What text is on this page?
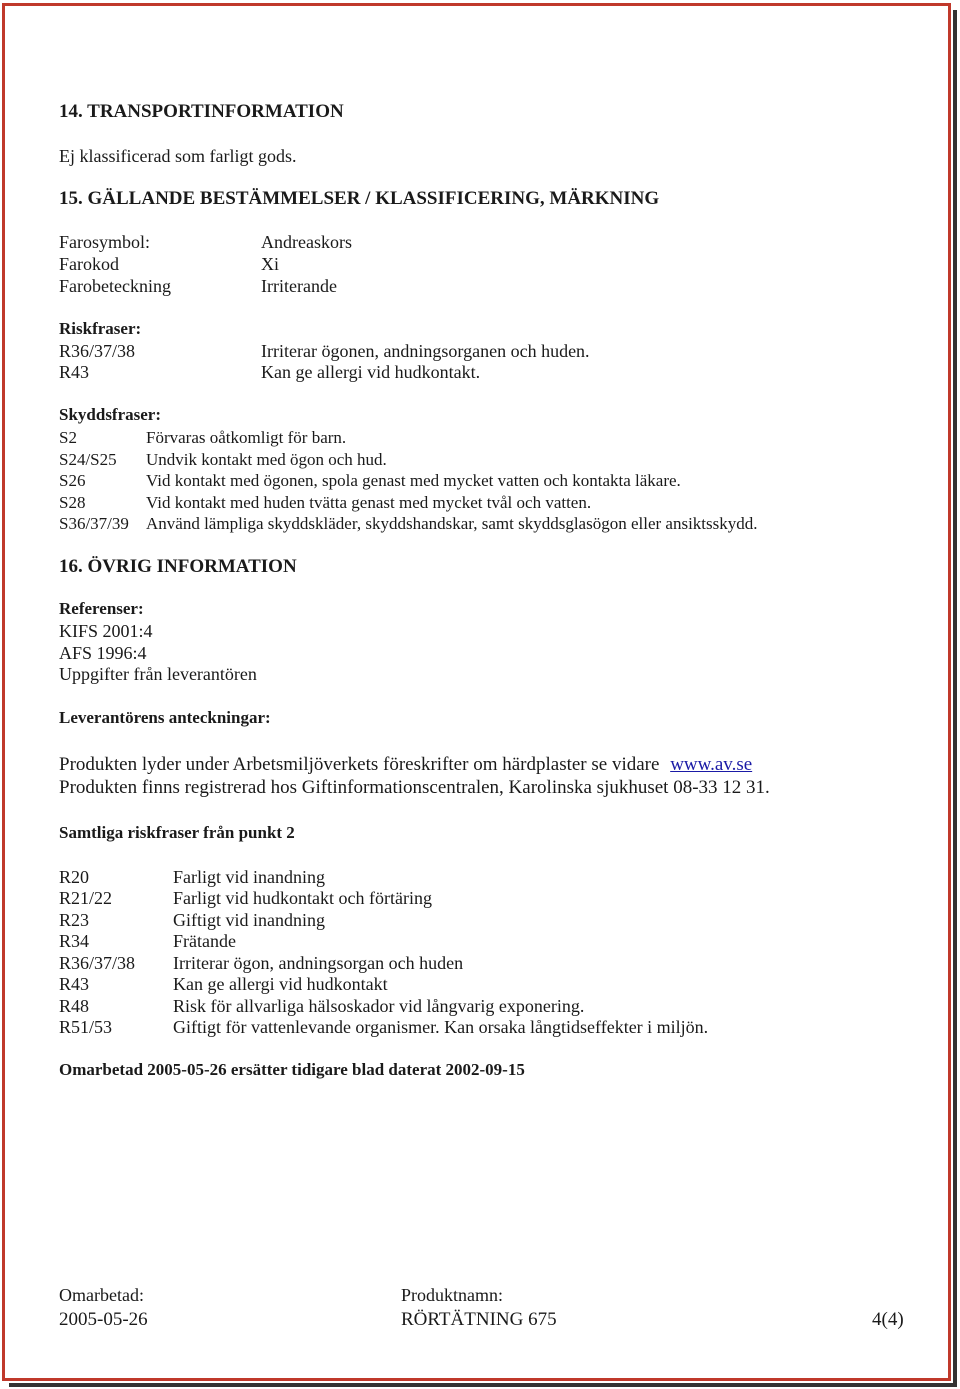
14. TRANSPORTINFORMATION
Ej klassificerad som farligt gods.
15. GÄLLANDE BESTÄMMELSER / KLASSIFICERING, MÄRKNING
Farosymbol:	Andreaskors
Farokod	Xi
Farobeteckning	Irriterande
Riskfraser:
R36/37/38	Irriterar ögonen, andningsorganen och huden.
R43	Kan ge allergi vid hudkontakt.
Skyddsfraser:
S2	Förvaras oåtkomligt för barn.
S24/S25 Undvik kontakt med ögon och hud.
S26	Vid kontakt med ögonen, spola genast med mycket vatten och kontakta läkare.
S28	Vid kontakt med huden tvätta genast med mycket tvål och vatten.
S36/37/39 Använd lämpliga skyddskläder, skyddshandskar, samt skyddsglasögon eller ansiktsskydd.
16. ÖVRIG INFORMATION
Referenser:
KIFS 2001:4
AFS 1996:4
Uppgifter från leverantören
Leverantörens anteckningar:
Produkten lyder under Arbetsmiljöverkets föreskrifter om härdplaster se vidare www.av.se
Produkten finns registrerad hos Giftinformationscentralen, Karolinska sjukhuset 08-33 12 31.
Samtliga riskfraser från punkt 2
R20	Farligt vid inandning
R21/22	Farligt vid hudkontakt och förtäring
R23	Giftigt vid inandning
R34	Frätande
R36/37/38 Irriterar ögon, andningsorgan och huden
R43	Kan ge allergi vid hudkontakt
R48	Risk för allvarliga hälsoskador vid långvarig exponering.
R51/53	Giftigt för vattenlevande organismer. Kan orsaka långtidseffekter i miljön.
Omarbetad 2005-05-26 ersätter tidigare blad daterat 2002-09-15
Omarbetad:
2005-05-26
Produktnamn:
RÖRTÄTNING 675	4(4)
